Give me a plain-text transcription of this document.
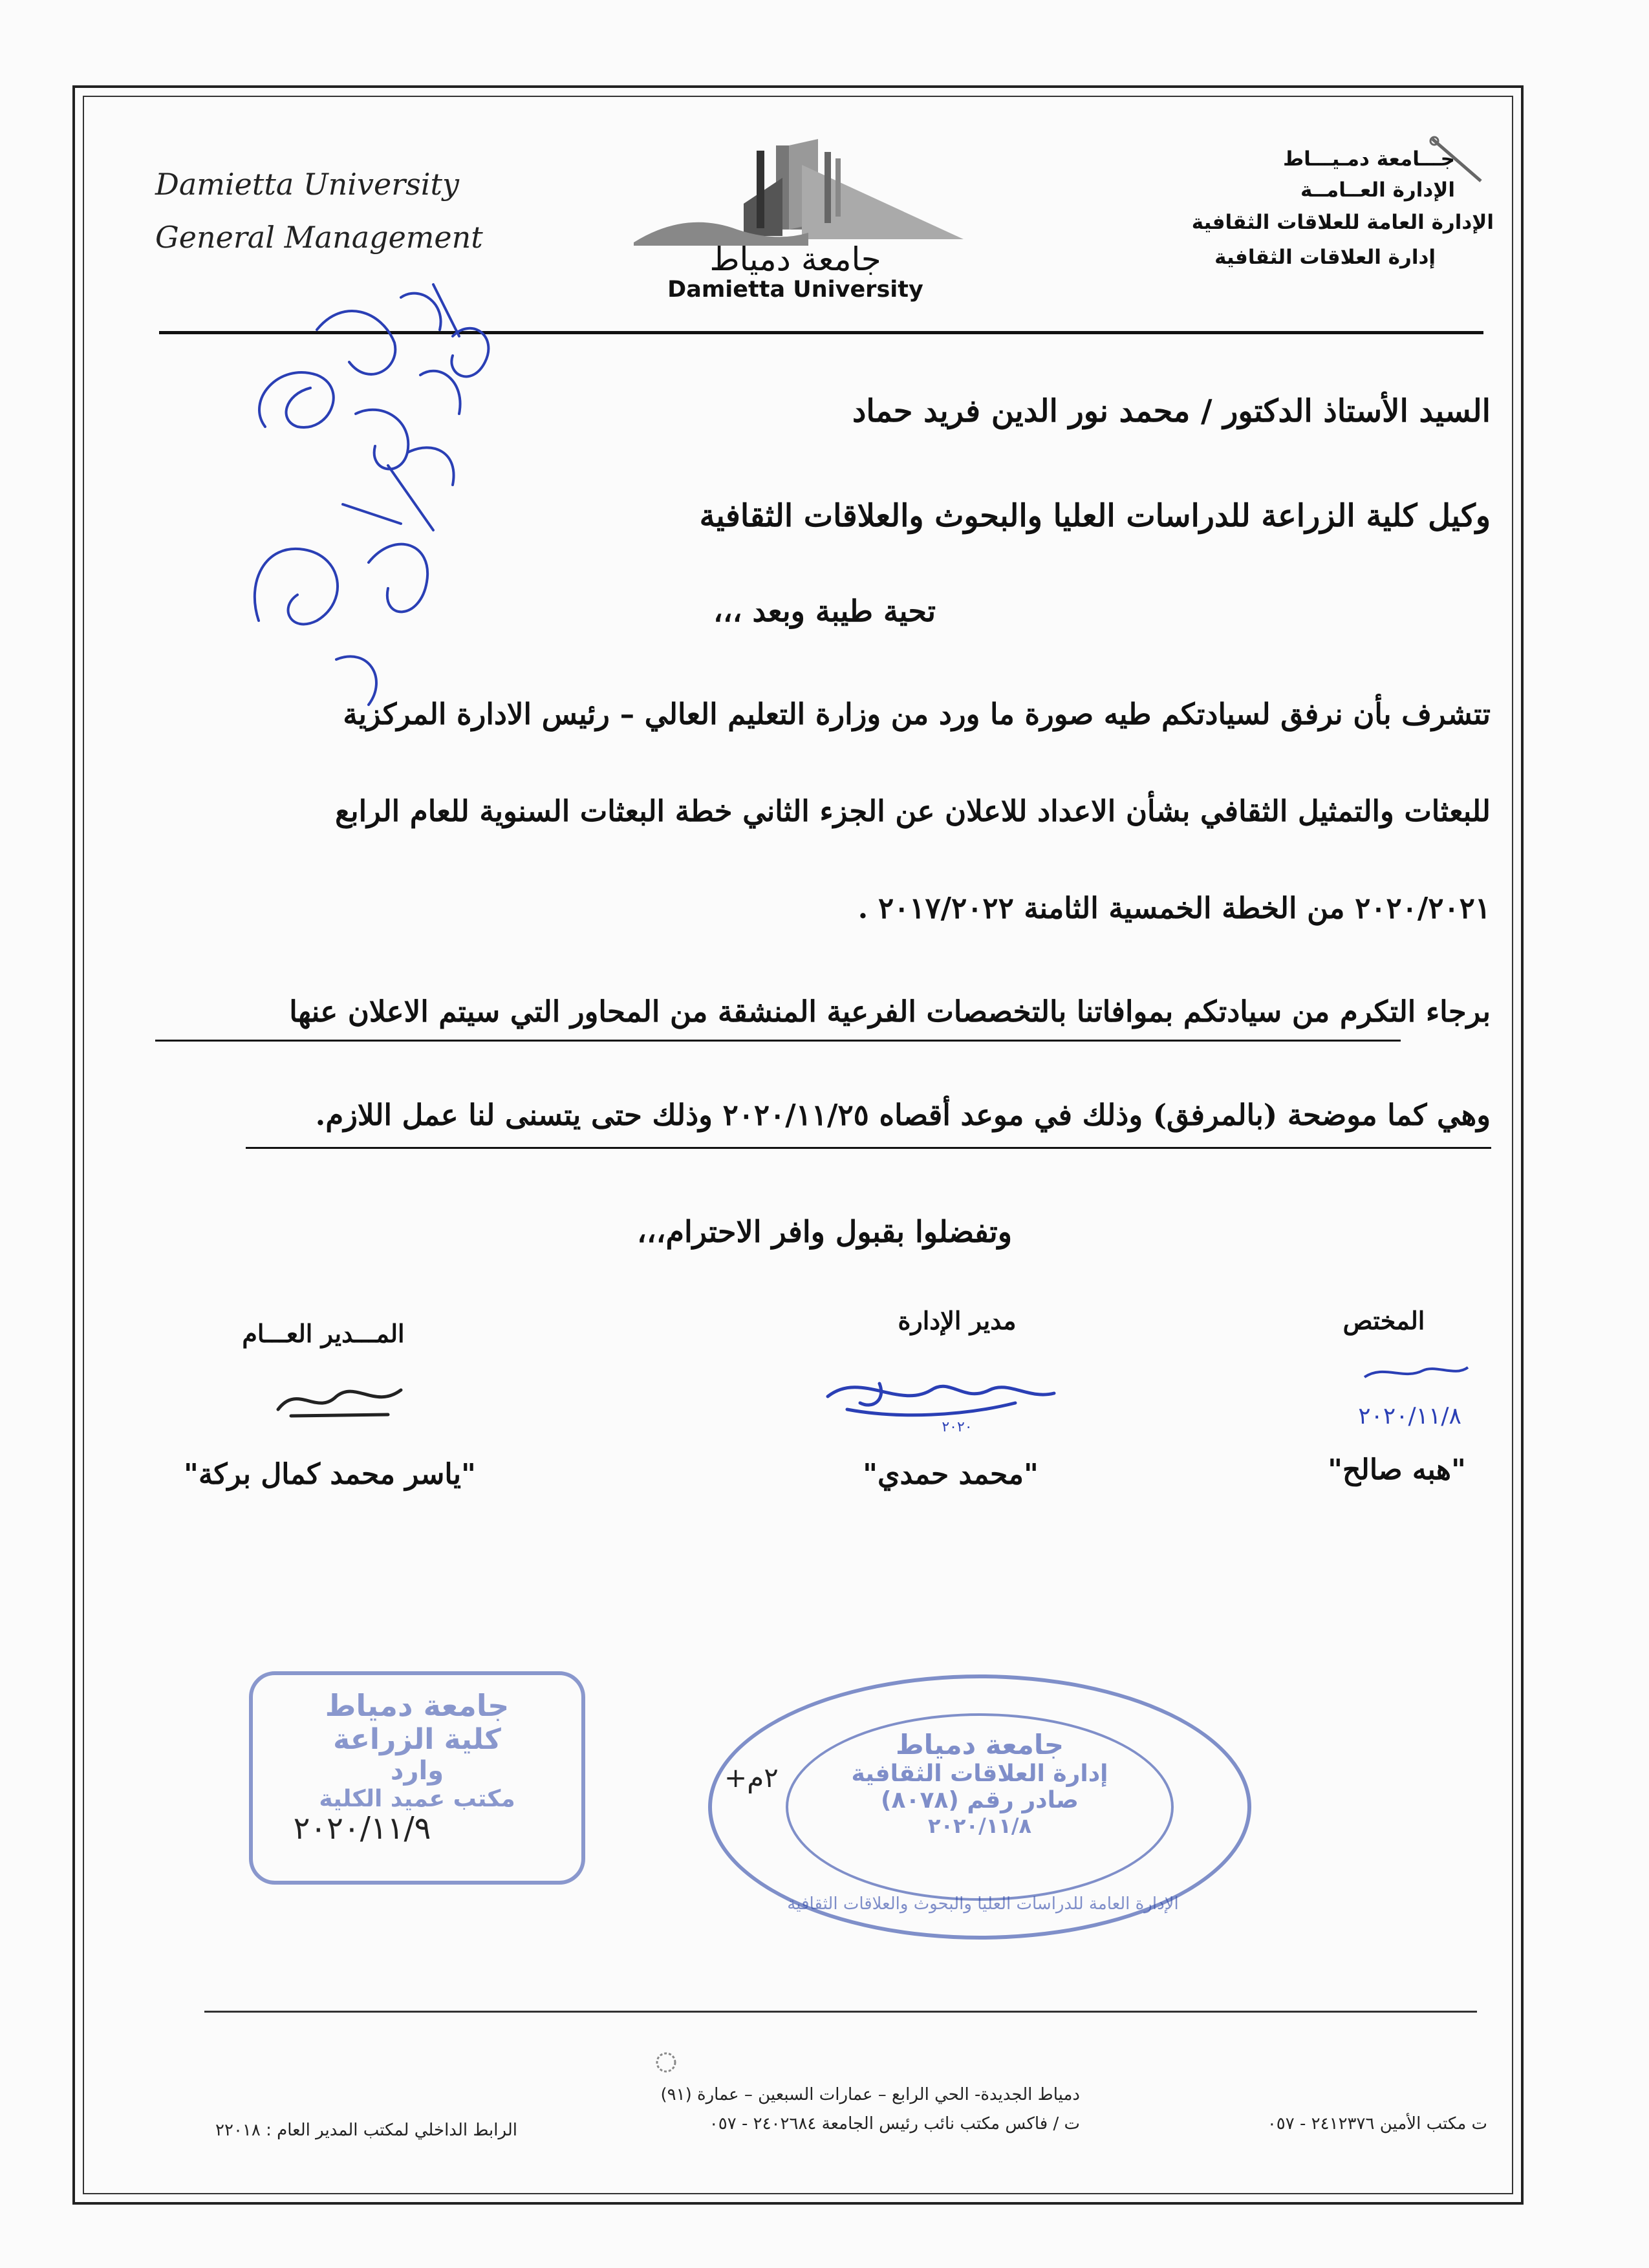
Damietta University
General Management
جامعة دمياط
Damietta University
جـــامعة دمـيـــاط
الإدارة العــامــة
الإدارة العامة للعلاقات الثقافية
إدارة العلاقات الثقافية
السيد الأستاذ الدكتور / محمد نور الدين فريد حماد
وكيل كلية الزراعة للدراسات العليا والبحوث والعلاقات الثقافية
تحية طيبة وبعد ،،،
تتشرف بأن نرفق لسيادتكم طيه صورة ما ورد من وزارة التعليم العالي – رئيس الادارة المركزية
للبعثات والتمثيل الثقافي بشأن الاعداد للاعلان عن الجزء الثاني خطة البعثات السنوية للعام الرابع
٢٠٢٠/٢٠٢١ من الخطة الخمسية الثامنة ٢٠١٧/٢٠٢٢ .
برجاء التكرم من سيادتكم بموافاتنا بالتخصصات الفرعية المنشقة من المحاور التي سيتم الاعلان عنها
وهي كما موضحة (بالمرفق) وذلك في موعد أقصاه ٢٠٢٠/١١/٢٥ وذلك حتى يتسنى لنا عمل اللازم.
وتفضلوا بقبول وافر الاحترام،،،
المختص
مدير الإدارة
المـــدير العـــام
٢٠٢٠/١١/٨
٢٠٢٠
"هبه صالح"
"محمد حمدي"
"ياسر محمد كمال بركة"
جامعة دمياط
كلية الزراعة
وارد
مكتب عميد الكلية
٢٠٢٠/١١/٩
جامعة دمياط
إدارة العلاقات الثقافية
صادر رقم (٨٠٧٨)
٢٠٢٠/١١/٨
الإدارة العامة للدراسات العليا والبحوث والعلاقات الثقافية
٢م+
دمياط الجديدة- الحي الرابع – عمارات السبعين – عمارة (٩١)
ت / فاكس مكتب نائب رئيس الجامعة ٢٤٠٢٦٨٤ - ٠٥٧	ت مكتب الأمين ٢٤١٢٣٧٦ - ٠٥٧
الرابط الداخلي لمكتب المدير العام : ٢٢٠١٨
